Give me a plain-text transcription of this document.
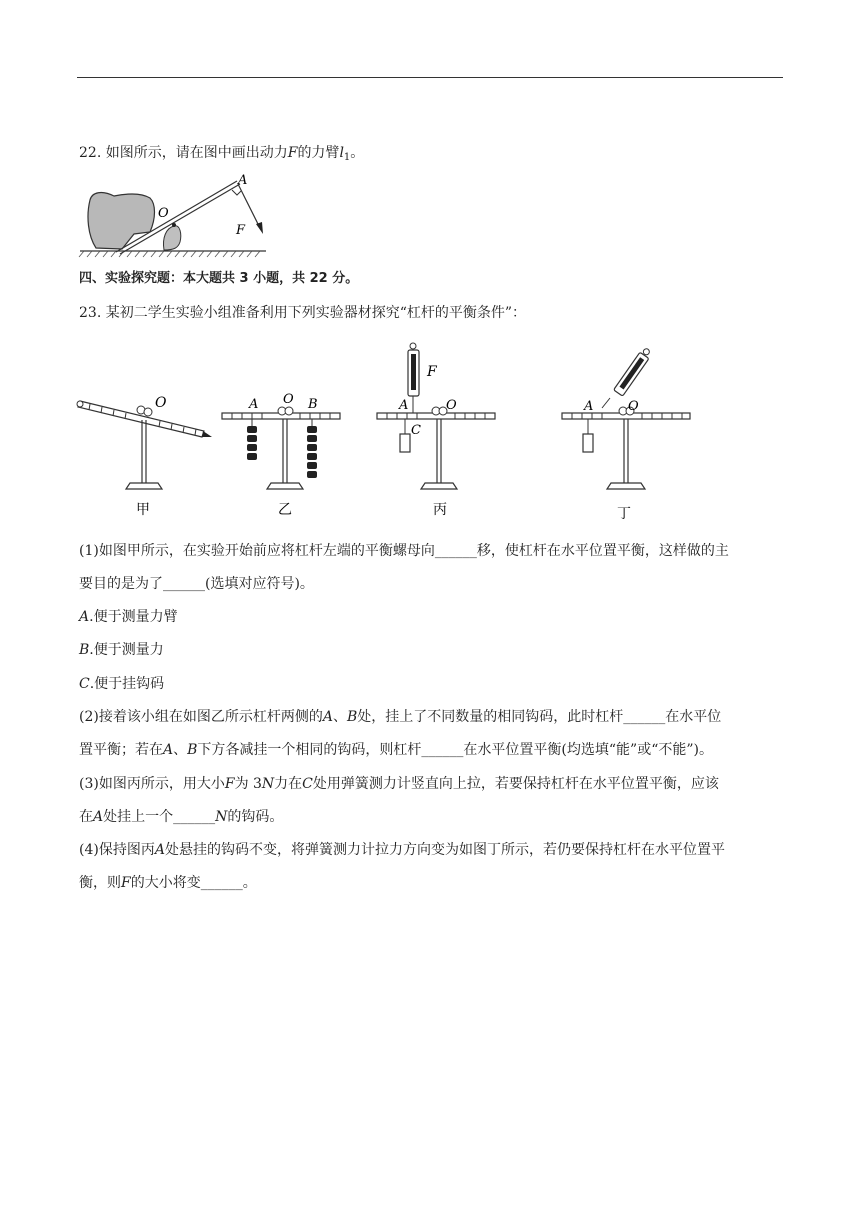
22. 如图所示，请在图中画出动力F的力臂$l_1$。
A
O
F
四、实验探究题：本大题共 3 小题，共 22 分。
23. 某初二学生实验小组准备利用下列实验器材探究“杠杆的平衡条件”：
O
甲
A O B
乙
F
A	O
C
丙
A	O
丁
(1)如图甲所示，在实验开始前应将杠杆左端的平衡螺母向______移，使杠杆在水平位置平衡，这样做的主
要目的是为了______(选填对应符号)。
A.便于测量力臂
B.便于测量力
C.便于挂钩码
(2)接着该小组在如图乙所示杠杆两侧的A、B处，挂上了不同数量的相同钩码，此时杠杆______在水平位
置平衡；若在A、B下方各减挂一个相同的钩码，则杠杆______在水平位置平衡(均选填“能”或“不能”)。
(3)如图丙所示，用大小F为 3N力在C处用弹簧测力计竖直向上拉，若要保持杠杆在水平位置平衡，应该
在A处挂上一个______N的钩码。
(4)保持图丙A处悬挂的钩码不变，将弹簧测力计拉力方向变为如图丁所示，若仍要保持杠杆在水平位置平
衡，则F的大小将变______。
